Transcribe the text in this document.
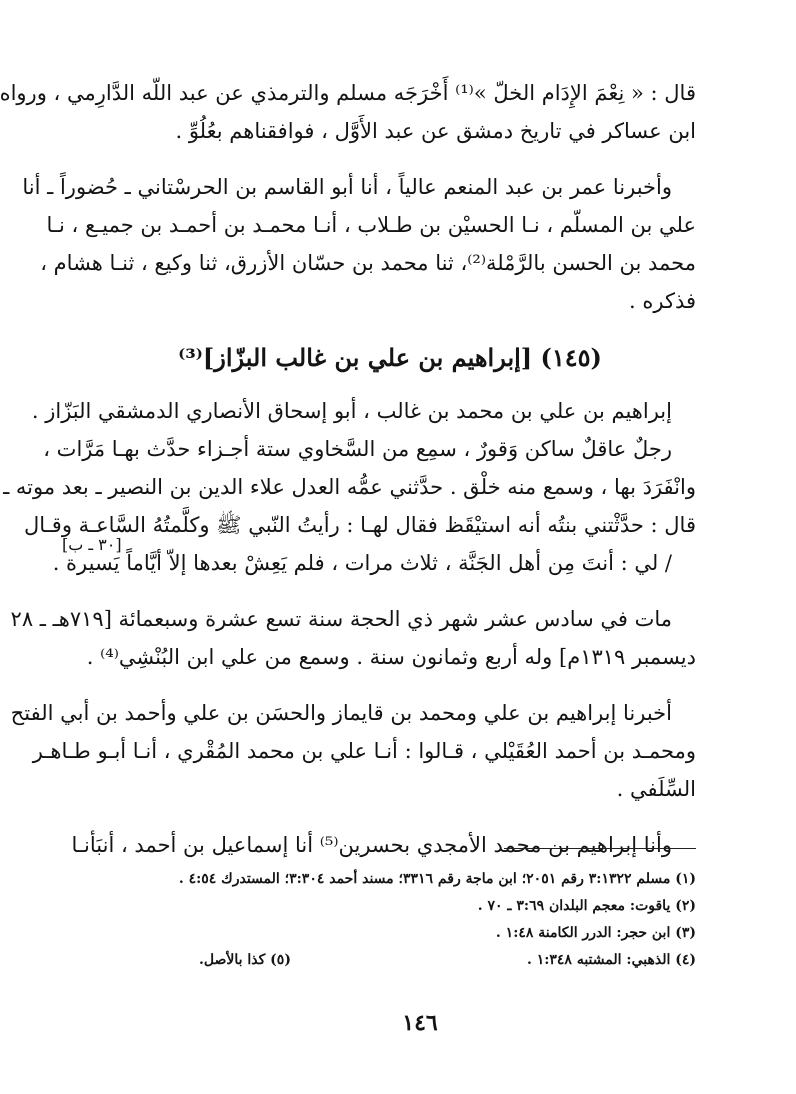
قال : « نِعْمَ الإِدَام الخلّ »⁽¹⁾ أَخْرَجَه مسلم والترمذي عن عبد اللّه الدَّارِمي ، ورواه
ابن عساكر في تاريخ دمشق عن عبد الأَوَّل ، فوافقناهم بعُلُوِّ .
وأخبرنا عمر بن عبد المنعم عالياً ، أنا أبو القاسم بن الحرسْتاني ـ حُضوراً ـ أنا
علي بن المسلّم ، نـا الحسيْن بن طـلاب ، أنـا محمـد بن أحمـد بن جميـع ، نـا
محمد بن الحسن بالرَّمْلة⁽²⁾، ثنا محمد بن حسّان الأزرق، ثنا وكيع ، ثنـا هشام ،
فذكره .
(١٤٥) [إبراهيم بن علي بن غالب البزّاز]⁽³⁾
إبراهيم بن علي بن محمد بن غالب ، أبو إسحاق الأنصاري الدمشقي البَزّاز .
رجلٌ عاقلٌ ساكن وَقورٌ ، سمِع من السَّخاوي ستة أجـزاء حدَّث بهـا مَرَّات ،
وانْفَرَدَ بها ، وسمع منه خلْق . حدَّثني عمُّه العدل علاء الدين بن النصير ـ بعد موته ـ
قال : حدَّثْتني بنتُه أنه استيْقَظ فقال لهـا : رأيتُ النّبي ﷺ وكلَّمتُهُ السَّاعـة وقـال
/ لي : أنتَ مِن أهل الجَنَّة ، ثلاث مرات ، فلم يَعِشْ بعدها إلاّ أيَّاماً يَسيرة .
مات في سادس عشر شهر ذي الحجة سنة تسع عشرة وسبعمائة [٧١٩هـ ـ ٢٨
ديسمبر ١٣١٩م] وله أربع وثمانون سنة . وسمع من علي ابن البُنْشِي⁽⁴⁾ .
أخبرنا إبراهيم بن علي ومحمد بن قايماز والحسَن بن علي وأحمد بن أبي الفتح
ومحمـد بن أحمد العُقَيْلي ، قـالوا : أنـا علي بن محمد المُقْري ، أنـا أبـو طـاهـر
السِّلَفي .
وأنا إبراهيم بن محمد الأمجدي بحسرين⁽⁵⁾ أنا إسماعيل بن أحمد ، أنبَأنـا
[٣٠ ـ ب]
(١) مسلم ٣:١٣٢٢ رقم ٢٠٥١؛ ابن ماجة رقم ٣٣١٦؛ مسند أحمد ٣:٣٠٤؛ المستدرك ٤:٥٤ .
(٢) ياقوت: معجم البلدان ٣:٦٩ ـ ٧٠ .
(٣) ابن حجر: الدرر الكامنة ١:٤٨ .
(٤) الذهبي: المشتبه ١:٣٤٨ .
(٥) كذا بالأصل.
١٤٦
